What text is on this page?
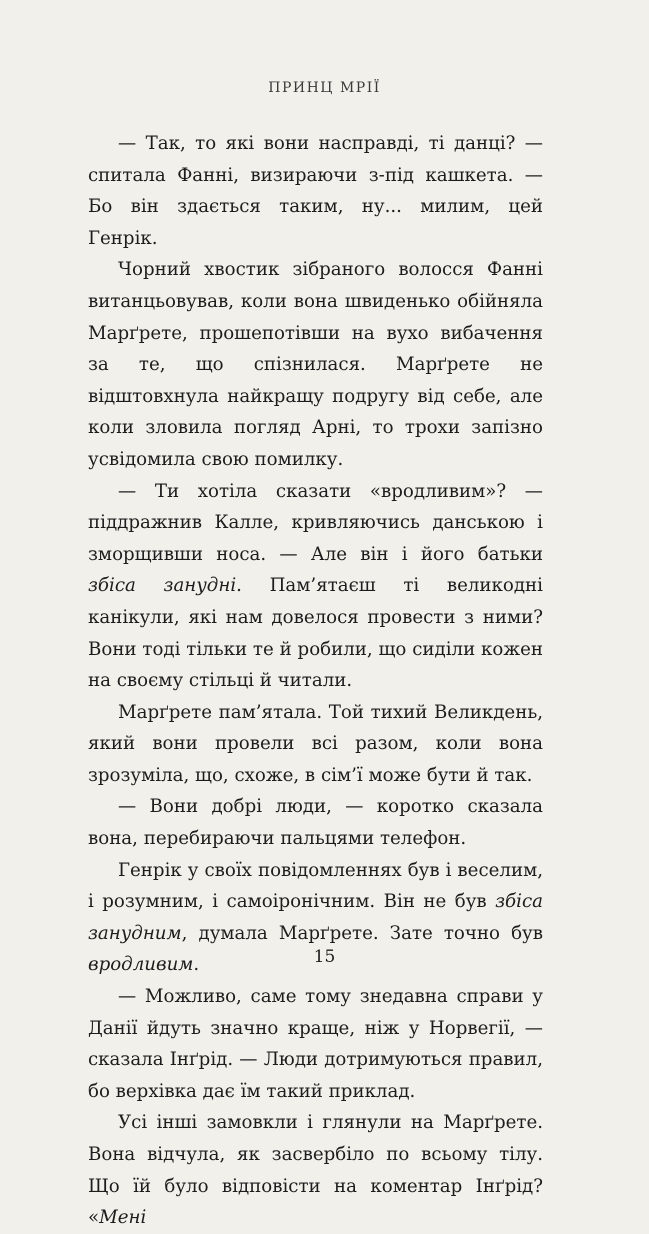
ПРИНЦ МРІЇ

— Так, то які вони насправді, ті данці? — спитала Фанні, визираючи з-під кашкета. — Бо він здається таким, ну... милим, цей Генрік.

Чорний хвостик зібраного волосся Фанні витанцьовував, коли вона швиденько обійняла Марґрете, прошепотівши на вухо вибачення за те, що спізнилася. Марґрете не відштовхнула найкращу подругу від себе, але коли зловила погляд Арні, то трохи запізно усвідомила свою помилку.

— Ти хотіла сказати «вродливим»? — піддражнив Калле, кривляючись данською і зморщивши носа. — Але він і його батьки збіса зануднi. Пам’ятаєш ті великодні канікули, які нам довелося провести з ними? Вони тоді тільки те й робили, що сиділи кожен на своєму стільці й читали.

Марґрете пам’ятала. Той тихий Великдень, який вони провели всі разом, коли вона зрозуміла, що, схоже, в сім’ї може бути й так.

— Вони добрі люди, — коротко сказала вона, перебираючи пальцями телефон.

Генрік у своїх повідомленнях був і веселим, і розумним, і самоіронічним. Він не був збіса занудним, думала Марґрете. Зате точно був вродливим.

— Можливо, саме тому знедавна справи у Данії йдуть значно краще, ніж у Норвегії, — сказала Інґрід. — Люди дотримуються правил, бо верхівка дає їм такий приклад.

Усі інші замовкли і глянули на Марґрете. Вона відчула, як засвербіло по всьому тілу. Що їй було відповісти на коментар Інґрід? «Мені

15
